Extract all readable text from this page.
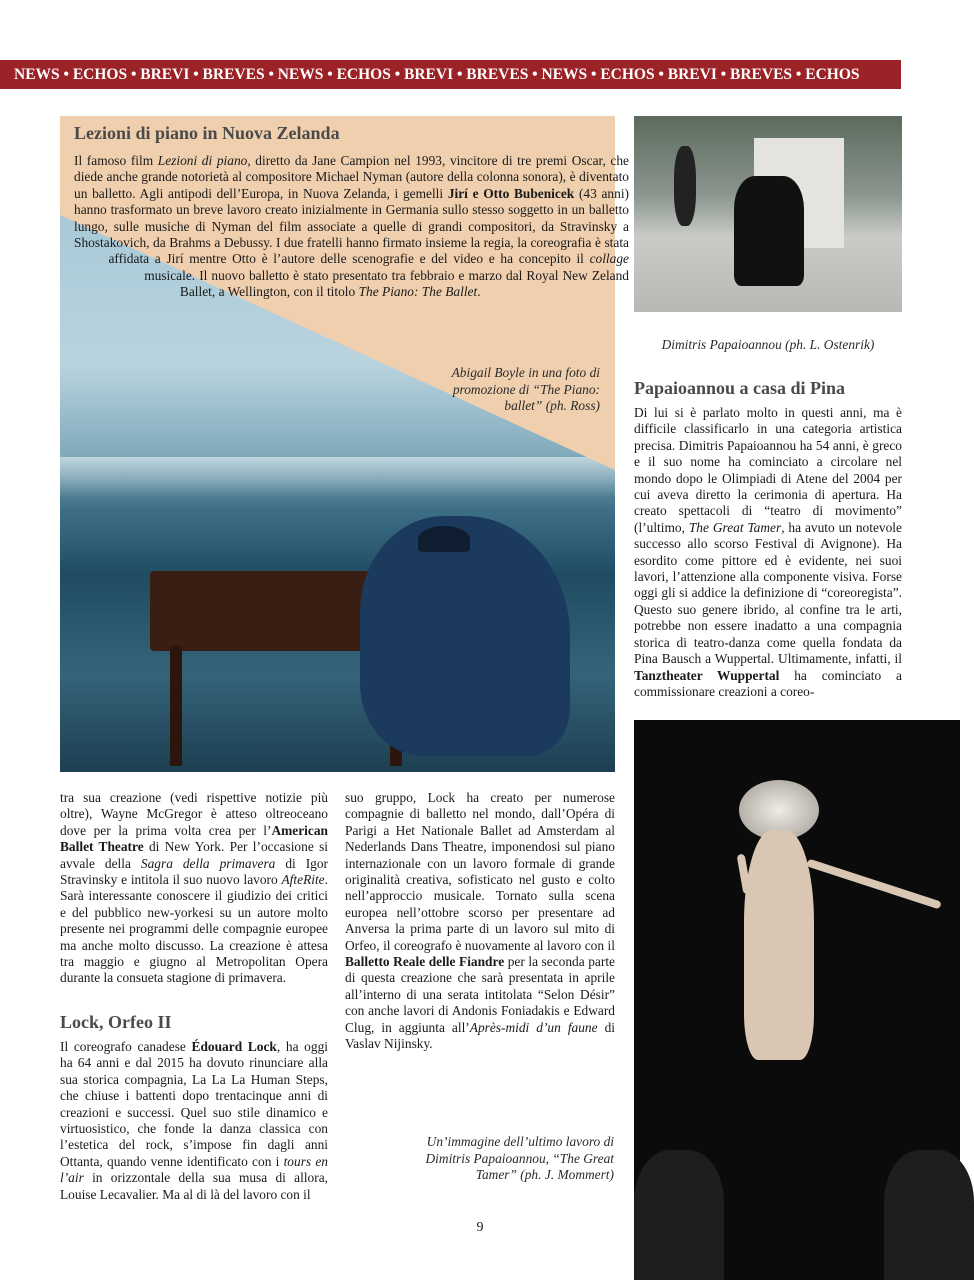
NEWS • ECHOS • BREVI • BREVES • NEWS • ECHOS • BREVI • BREVES • NEWS • ECHOS • BREVI • BREVES • ECHOS
Lezioni di piano in Nuova Zelanda

Il famoso film Lezioni di piano, diretto da Jane Campion nel 1993, vincitore di tre premi Oscar, che diede anche grande notorietà al compositore Michael Nyman (autore della colonna sonora), è diventato un balletto. Agli antipodi dell’Europa, in Nuova Zelanda, i gemelli Jirí e Otto Bubenicek (43 anni) hanno trasformato un breve lavoro creato inizialmente in Germania sullo stesso soggetto in un balletto lungo, sulle musiche di Nyman del film associate a quelle di grandi compositori, da Stravinsky a Shostakovich, da Brahms a Debussy. I due fratelli hanno firmato insieme la regia, la coreografia è stata affidata a Jirí mentre Otto è l’autore delle scenografie e del video e ha concepito il collage musicale. Il nuovo balletto è stato presentato tra febbraio e marzo dal Royal New Zeland Ballet, a Wellington, con il titolo The Piano: The Ballet.

Abigail Boyle in una foto di promozione di “The Piano: ballet” (ph. Ross)
Dimitris Papaioannou (ph. L. Ostenrik)
Papaioannou a casa di Pina

Di lui si è parlato molto in questi anni, ma è difficile classificarlo in una categoria artistica precisa. Dimitris Papaioannou ha 54 anni, è greco e il suo nome ha cominciato a circolare nel mondo dopo le Olimpiadi di Atene del 2004 per cui aveva diretto la cerimonia di apertura. Ha creato spettacoli di “teatro di movimento” (l’ultimo, The Great Tamer, ha avuto un notevole successo allo scorso Festival di Avignone). Ha esordito come pittore ed è evidente, nei suoi lavori, l’attenzione alla componente visiva. Forse oggi gli si addice la definizione di “coreoregista”. Questo suo genere ibrido, al confine tra le arti, potrebbe non essere inadatto a una compagnia storica di teatro-danza come quella fondata da Pina Bausch a Wuppertal. Ultimamente, infatti, il Tanztheater Wuppertal ha cominciato a commissionare creazioni a coreo-

tra sua creazione (vedi rispettive notizie più oltre), Wayne McGregor è atteso oltreoceano dove per la prima volta crea per l’American Ballet Theatre di New York. Per l’occasione si avvale della Sagra della primavera di Igor Stravinsky e intitola il suo nuovo lavoro AfteRite. Sarà interessante conoscere il giudizio dei critici e del pubblico new-yorkesi su un autore molto presente nei programmi delle compagnie europee ma anche molto discusso. La creazione è attesa tra maggio e giugno al Metropolitan Opera durante la consueta stagione di primavera.

Lock, Orfeo II

Il coreografo canadese Édouard Lock, ha oggi ha 64 anni e dal 2015 ha dovuto rinunciare alla sua storica compagnia, La La La Human Steps, che chiuse i battenti dopo trentacinque anni di creazioni e successi. Quel suo stile dinamico e virtuosistico, che fonde la danza classica con l’estetica del rock, s’impose fin dagli anni Ottanta, quando venne identificato con i tours en l’air in orizzontale della sua musa di allora, Louise Lecavalier. Ma al di là del lavoro con il

suo gruppo, Lock ha creato per numerose compagnie di balletto nel mondo, dall’Opéra di Parigi a Het Nationale Ballet ad Amsterdam al Nederlands Dans Theatre, imponendosi sul piano internazionale con un lavoro formale di grande originalità creativa, sofisticato nel gusto e colto nell’approccio musicale. Tornato sulla scena europea nell’ottobre scorso per presentare ad Anversa la prima parte di un lavoro sul mito di Orfeo, il coreografo è nuovamente al lavoro con il Balletto Reale delle Fiandre per la seconda parte di questa creazione che sarà presentata in aprile all’interno di una serata intitolata “Selon Désir” con anche lavori di Andonis Foniadakis e Edward Clug, in aggiunta all’Après-midi d’un faune di Vaslav Nijinsky.

Un’immagine dell’ultimo lavoro di Dimitris Papaioannou, “The Great Tamer” (ph. J. Mommert)
9
